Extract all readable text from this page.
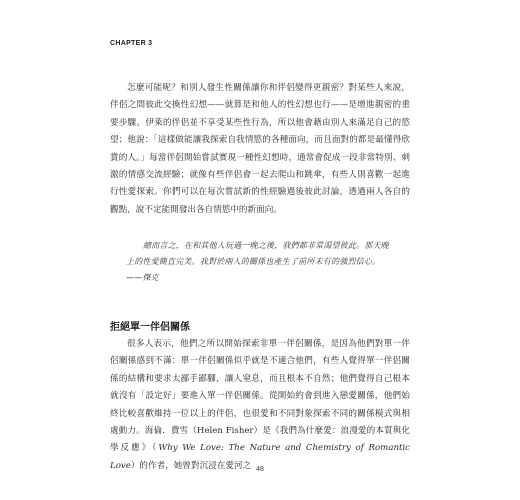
CHAPTER 3

怎麼可能呢？和別人發生性關係讓你和伴侶變得更親密？對某些人來說，伴侶之間彼此交換性幻想——就算是和他人的性幻想也行——是增進親密的重要步驟。伊萊的伴侶並不享受某些性行為，所以他會藉由別人來滿足自己的慾望；他說：「這樣做能讓我探索自我情慾的各種面向，而且面對的都是最懂得欣賞的人。」每當伴侶開始嘗試實現一種性幻想時，通常會促成一段非常特別、刺激的情感交流經驗；就像有些伴侶會一起去爬山和跳傘，有些人則喜歡一起進行性愛探索。你們可以在每次嘗試新的性經驗過後彼此討論，透過兩人各自的觀點，說不定能開發出各自情慾中的新面向。

總而言之，在和其他人玩過一晚之後，我們都非常渴望彼此。那天晚上的性愛簡直完美。我對於兩人的關係也產生了前所未有的強烈信心。——傑克

拒絕單一伴侶關係

很多人表示，他們之所以開始探索非單一伴侶關係，是因為他們對單一伴侶關係感到不滿：單一伴侶關係似乎就是不適合他們，有些人覺得單一伴侶關係的結構和要求太鄙手鄙腳，讓人窒息，而且根本不自然；他們覺得自己根本就沒有「設定好」要進入單一伴侶關係。從開始約會到進入戀愛關係，他們始終比較喜歡維持一位以上的伴侶，也很愛和不同對象探索不同的關係模式與相處動力。海倫．費雪（Helen Fisher）是《我們為什麼愛：浪漫愛的本質與化學反應》（Why We Love: The Nature and Chemistry of Romantic Love）的作者，她曾對沉浸在愛河之 48
